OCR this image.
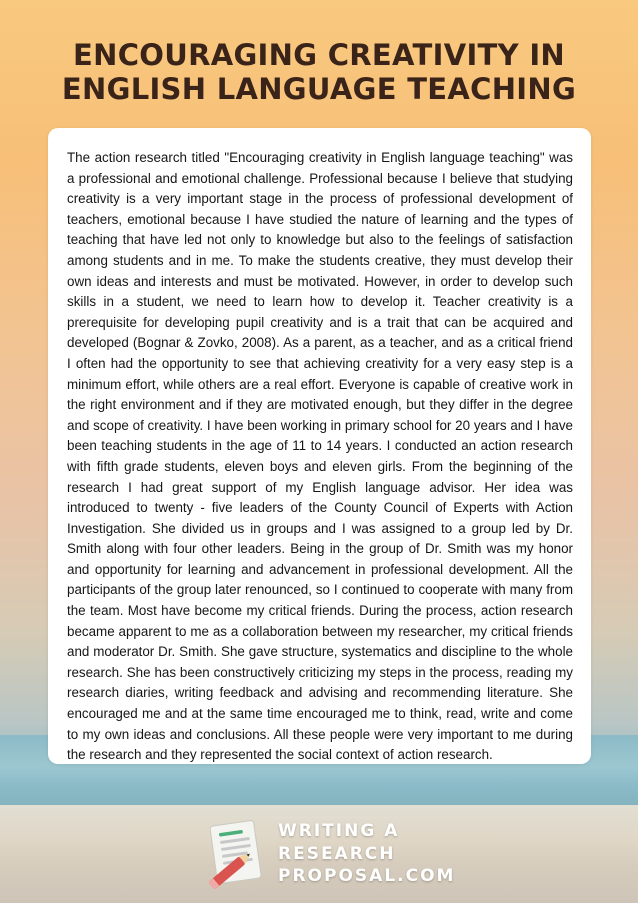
ENCOURAGING CREATIVITY IN
ENGLISH LANGUAGE TEACHING

The action research titled "Encouraging creativity in English language teaching" was a professional and emotional challenge. Professional because I believe that studying creativity is a very important stage in the process of professional development of teachers, emotional because I have studied the nature of learning and the types of teaching that have led not only to knowledge but also to the feelings of satisfaction among students and in me. To make the students creative, they must develop their own ideas and interests and must be motivated. However, in order to develop such skills in a student, we need to learn how to develop it. Teacher creativity is a prerequisite for developing pupil creativity and is a trait that can be acquired and developed (Bognar & Zovko, 2008). As a parent, as a teacher, and as a critical friend I often had the opportunity to see that achieving creativity for a very easy step is a minimum effort, while others are a real effort. Everyone is capable of creative work in the right environment and if they are motivated enough, but they differ in the degree and scope of creativity. I have been working in primary school for 20 years and I have been teaching students in the age of 11 to 14 years. I conducted an action research with fifth grade students, eleven boys and eleven girls. From the beginning of the research I had great support of my English language advisor. Her idea was introduced to twenty - five leaders of the County Council of Experts with Action Investigation. She divided us in groups and I was assigned to a group led by Dr. Smith along with four other leaders. Being in the group of Dr. Smith was my honor and opportunity for learning and advancement in professional development. All the participants of the group later renounced, so I continued to cooperate with many from the team. Most have become my critical friends. During the process, action research became apparent to me as a collaboration between my researcher, my critical friends and moderator Dr. Smith. She gave structure, systematics and discipline to the whole research. She has been constructively criticizing my steps in the process, reading my research diaries, writing feedback and advising and recommending literature. She encouraged me and at the same time encouraged me to think, read, write and come to my own ideas and conclusions. All these people were very important to me during the research and they represented the social context of action research.

WRITING A
RESEARCH
PROPOSAL.COM
